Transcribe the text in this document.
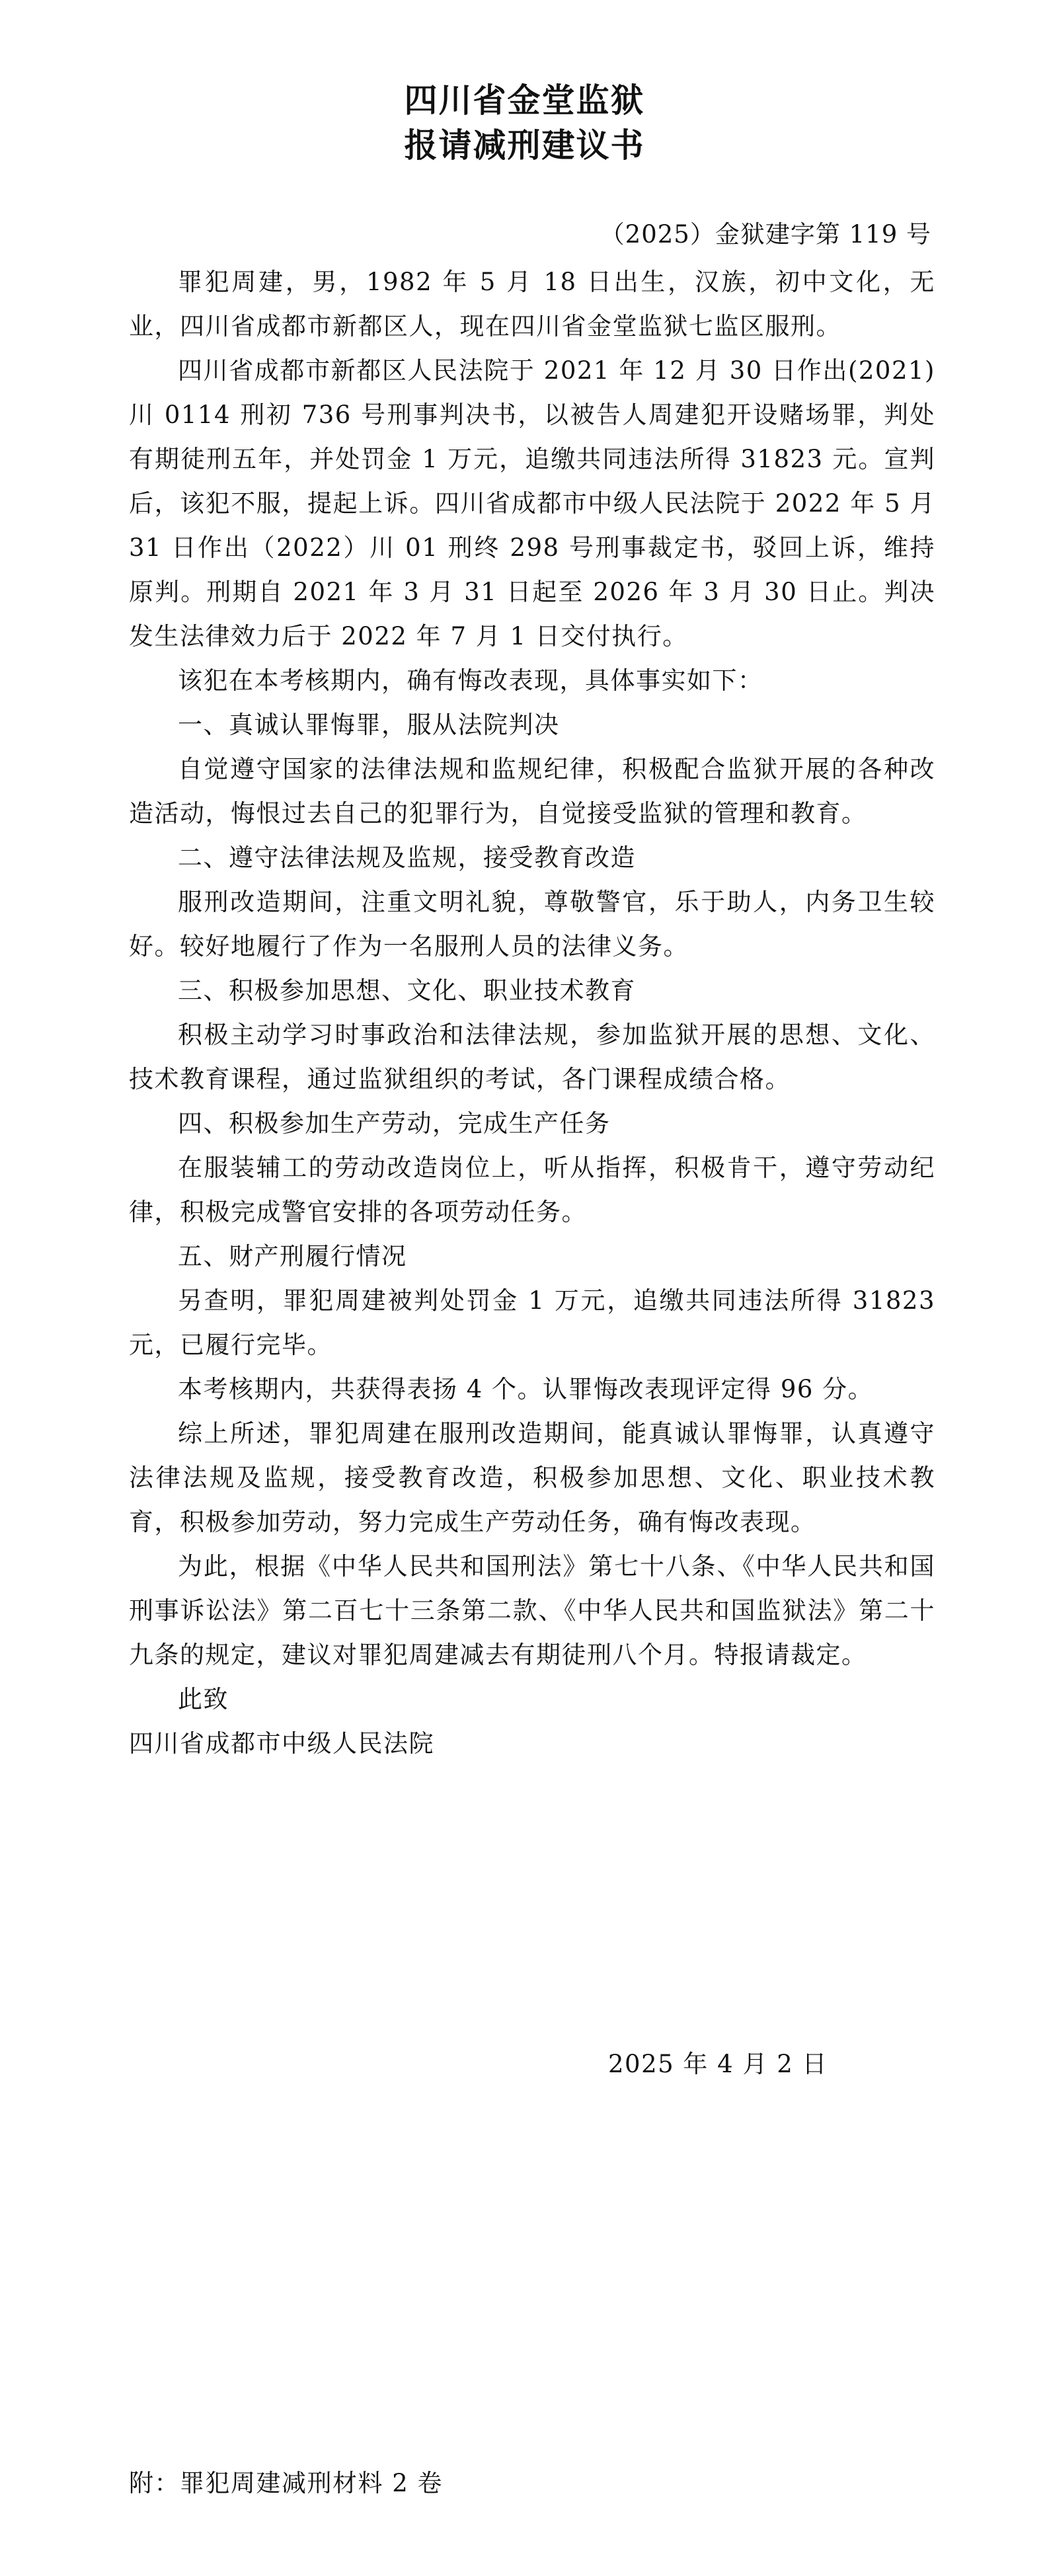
四川省金堂监狱
报请减刑建议书
（2025）金狱建字第 119 号

罪犯周建，男，1982 年 5 月 18 日出生，汉族，初中文化，无业，四川省成都市新都区人，现在四川省金堂监狱七监区服刑。

四川省成都市新都区人民法院于 2021 年 12 月 30 日作出(2021)川 0114 刑初 736 号刑事判决书，以被告人周建犯开设赌场罪，判处有期徒刑五年，并处罚金 1 万元，追缴共同违法所得 31823 元。宣判后，该犯不服，提起上诉。四川省成都市中级人民法院于 2022 年 5 月 31 日作出（2022）川 01 刑终 298 号刑事裁定书，驳回上诉，维持原判。刑期自 2021 年 3 月 31 日起至 2026 年 3 月 30 日止。判决发生法律效力后于 2022 年 7 月 1 日交付执行。

该犯在本考核期内，确有悔改表现，具体事实如下：

一、真诚认罪悔罪，服从法院判决

自觉遵守国家的法律法规和监规纪律，积极配合监狱开展的各种改造活动，悔恨过去自己的犯罪行为，自觉接受监狱的管理和教育。

二、遵守法律法规及监规，接受教育改造

服刑改造期间，注重文明礼貌，尊敬警官，乐于助人，内务卫生较好。较好地履行了作为一名服刑人员的法律义务。

三、积极参加思想、文化、职业技术教育

积极主动学习时事政治和法律法规，参加监狱开展的思想、文化、技术教育课程，通过监狱组织的考试，各门课程成绩合格。

四、积极参加生产劳动，完成生产任务

在服装辅工的劳动改造岗位上，听从指挥，积极肯干，遵守劳动纪律，积极完成警官安排的各项劳动任务。

五、财产刑履行情况

另查明，罪犯周建被判处罚金 1 万元，追缴共同违法所得 31823 元，已履行完毕。

本考核期内，共获得表扬 4 个。认罪悔改表现评定得 96 分。

综上所述，罪犯周建在服刑改造期间，能真诚认罪悔罪，认真遵守法律法规及监规，接受教育改造，积极参加思想、文化、职业技术教育，积极参加劳动，努力完成生产劳动任务，确有悔改表现。

为此，根据《中华人民共和国刑法》第七十八条、《中华人民共和国刑事诉讼法》第二百七十三条第二款、《中华人民共和国监狱法》第二十九条的规定，建议对罪犯周建减去有期徒刑八个月。特报请裁定。

此致

四川省成都市中级人民法院

2025 年 4 月 2 日
附：罪犯周建减刑材料 2 卷
